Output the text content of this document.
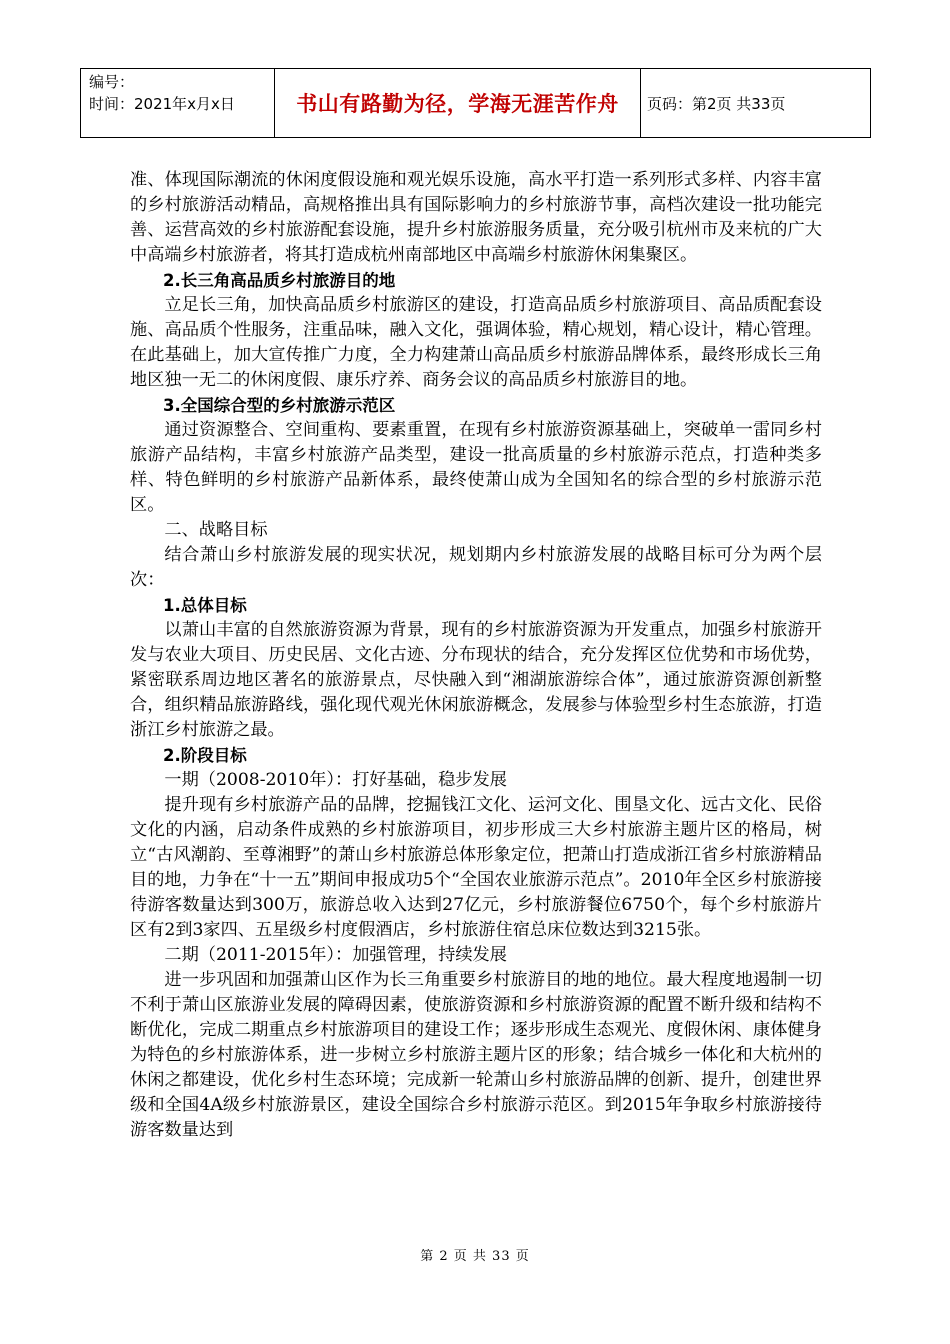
编号：
时间：2021年x月x日	书山有路勤为径，学海无涯苦作舟 页码：第2页 共33页

准、体现国际潮流的休闲度假设施和观光娱乐设施，高水平打造一系列形式多样、内容丰富的乡村旅游活动精品，高规格推出具有国际影响力的乡村旅游节事，高档次建设一批功能完善、运营高效的乡村旅游配套设施，提升乡村旅游服务质量，充分吸引杭州市及来杭的广大中高端乡村旅游者，将其打造成杭州南部地区中高端乡村旅游休闲集聚区。

2.长三角高品质乡村旅游目的地

立足长三角，加快高品质乡村旅游区的建设，打造高品质乡村旅游项目、高品质配套设施、高品质个性服务，注重品味，融入文化，强调体验，精心规划，精心设计，精心管理。在此基础上，加大宣传推广力度，全力构建萧山高品质乡村旅游品牌体系，最终形成长三角地区独一无二的休闲度假、康乐疗养、商务会议的高品质乡村旅游目的地。

3.全国综合型的乡村旅游示范区

通过资源整合、空间重构、要素重置，在现有乡村旅游资源基础上，突破单一雷同乡村旅游产品结构，丰富乡村旅游产品类型，建设一批高质量的乡村旅游示范点，打造种类多样、特色鲜明的乡村旅游产品新体系，最终使萧山成为全国知名的综合型的乡村旅游示范区。

二、战略目标

结合萧山乡村旅游发展的现实状况，规划期内乡村旅游发展的战略目标可分为两个层次：

1.总体目标

以萧山丰富的自然旅游资源为背景，现有的乡村旅游资源为开发重点，加强乡村旅游开发与农业大项目、历史民居、文化古迹、分布现状的结合，充分发挥区位优势和市场优势，紧密联系周边地区著名的旅游景点，尽快融入到“湘湖旅游综合体”，通过旅游资源创新整合，组织精品旅游路线，强化现代观光休闲旅游概念，发展参与体验型乡村生态旅游，打造浙江乡村旅游之最。

2.阶段目标

一期（2008-2010年）：打好基础，稳步发展

提升现有乡村旅游产品的品牌，挖掘钱江文化、运河文化、围垦文化、远古文化、民俗文化的内涵，启动条件成熟的乡村旅游项目，初步形成三大乡村旅游主题片区的格局，树立“古风潮韵、至尊湘野”的萧山乡村旅游总体形象定位，把萧山打造成浙江省乡村旅游精品目的地，力争在“十一五”期间申报成功5个“全国农业旅游示范点”。2010年全区乡村旅游接待游客数量达到300万，旅游总收入达到27亿元，乡村旅游餐位6750个，每个乡村旅游片区有2到3家四、五星级乡村度假酒店，乡村旅游住宿总床位数达到3215张。

二期（2011-2015年）：加强管理，持续发展

进一步巩固和加强萧山区作为长三角重要乡村旅游目的地的地位。最大程度地遏制一切不利于萧山区旅游业发展的障碍因素，使旅游资源和乡村旅游资源的配置不断升级和结构不断优化，完成二期重点乡村旅游项目的建设工作；逐步形成生态观光、度假休闲、康体健身为特色的乡村旅游体系，进一步树立乡村旅游主题片区的形象；结合城乡一体化和大杭州的休闲之都建设，优化乡村生态环境；完成新一轮萧山乡村旅游品牌的创新、提升，创建世界级和全国4A级乡村旅游景区，建设全国综合乡村旅游示范区。到2015年争取乡村旅游接待游客数量达到

第 2 页 共 33 页
